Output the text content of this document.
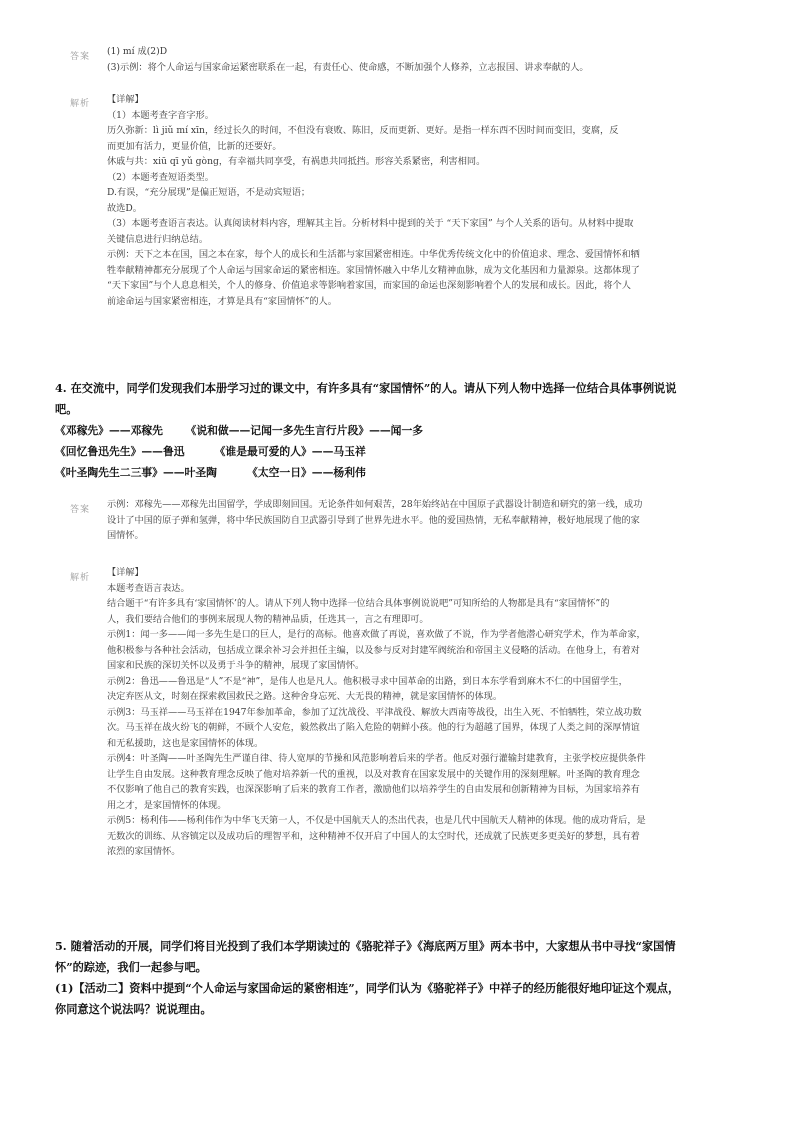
答案 (1) mí 成(2)D

(3)示例：将个人命运与国家命运紧密联系在一起，有责任心、使命感，不断加强个人修养，立志报国、讲求奉献的人。

解析 【详解】

（1）本题考查字音字形。

历久弥新：lì jiǔ mí xīn，经过长久的时间，不但没有衰败、陈旧，反而更新、更好。是指一样东西不因时间而变旧，变腐，反

而更加有活力，更显价值，比新的还要好。

休戚与共：xiū qī yǔ gòng，有幸福共同享受，有祸患共同抵挡。形容关系紧密，利害相同。

（2）本题考查短语类型。

D.有误，“充分展现”是偏正短语，不是动宾短语；

故选D。

（3）本题考查语言表达。认真阅读材料内容，理解其主旨。分析材料中提到的关于 “天下家国” 与个人关系的语句。从材料中提取

关键信息进行归纳总结。

示例：天下之本在国，国之本在家，每个人的成长和生活都与家国紧密相连。中华优秀传统文化中的价值追求、理念、爱国情怀和牺

牲奉献精神都充分展现了个人命运与国家命运的紧密相连。家国情怀融入中华儿女精神血脉，成为文化基因和力量源泉。这都体现了

“天下家国”与个人息息相关，个人的修身、价值追求等影响着家国，而家国的命运也深刻影响着个人的发展和成长。因此，将个人

前途命运与国家紧密相连，才算是具有“家国情怀”的人。

4. 在交流中，同学们发现我们本册学习过的课文中，有许多具有“家国情怀”的人。请从下列人物中选择一位结合具体事例说说

吧。

《邓稼先》——邓稼先      《说和做——记闻一多先生言行片段》——闻一多

《回忆鲁迅先生》——鲁迅        《谁是最可爱的人》——马玉祥

《叶圣陶先生二三事》——叶圣陶        《太空一日》——杨利伟

答案 示例：邓稼先——邓稼先出国留学，学成即刻回国。无论条件如何艰苦，28年始终站在中国原子武器设计制造和研究的第一线，成功

设计了中国的原子弹和氢弹，将中华民族国防自卫武器引导到了世界先进水平。他的爱国热情，无私奉献精神，极好地展现了他的家

国情怀。

解析 【详解】

本题考查语言表达。

结合题干“有许多具有‘家国情怀’的人。请从下列人物中选择一位结合具体事例说说吧”可知所给的人物都是具有“家国情怀”的

人，我们要结合他们的事例来展现人物的精神品质，任选其一，言之有理即可。

示例1：闻一多——闻一多先生是口的巨人，是行的高标。他喜欢做了再说，喜欢做了不说，作为学者他潜心研究学术，作为革命家，

他积极参与各种社会活动，包括成立课余补习会并担任主编，以及参与反对封建军阀统治和帝国主义侵略的活动。在他身上，有着对

国家和民族的深切关怀以及勇于斗争的精神，展现了家国情怀。

示例2：鲁迅——鲁迅是“人”不是“神”，是伟人也是凡人。他积极寻求中国革命的出路，到日本东学看到麻木不仁的中国留学生，

决定弃医从文，时刻在探索救国救民之路。这种舍身忘死、大无畏的精神，就是家国情怀的体现。

示例3：马玉祥——马玉祥在1947年参加革命，参加了辽沈战役、平津战役、解放大西南等战役，出生入死、不怕牺牲，荣立战功数

次。马玉祥在战火纷飞的朝鲜，不顾个人安危，毅然救出了陷入危险的朝鲜小孩。他的行为超越了国界，体现了人类之间的深厚情谊

和无私援助，这也是家国情怀的体现。

示例4：叶圣陶——叶圣陶先生严谨自律、待人宽厚的节操和风范影响着后来的学者。他反对强行灌输封建教育，主张学校应提供条件

让学生自由发展。这种教育理念反映了他对培养新一代的重视，以及对教育在国家发展中的关键作用的深刻理解。叶圣陶的教育理念

不仅影响了他自己的教育实践，也深深影响了后来的教育工作者，激励他们以培养学生的自由发展和创新精神为目标，为国家培养有

用之才，是家国情怀的体现。

示例5：杨利伟——杨利伟作为中华飞天第一人，不仅是中国航天人的杰出代表，也是几代中国航天人精神的体现。他的成功背后，是

无数次的训练、从容镇定以及成功后的理智平和，这种精神不仅开启了中国人的太空时代，还成就了民族更多更美好的梦想，具有着

浓烈的家国情怀。

5. 随着活动的开展，同学们将目光投到了我们本学期读过的《骆驼祥子》《海底两万里》两本书中，大家想从书中寻找“家国情

怀”的踪迹，我们一起参与吧。

(1)【活动二】资料中提到“个人命运与家国命运的紧密相连”，同学们认为《骆驼祥子》中祥子的经历能很好地印证这个观点，

你同意这个说法吗？说说理由。
